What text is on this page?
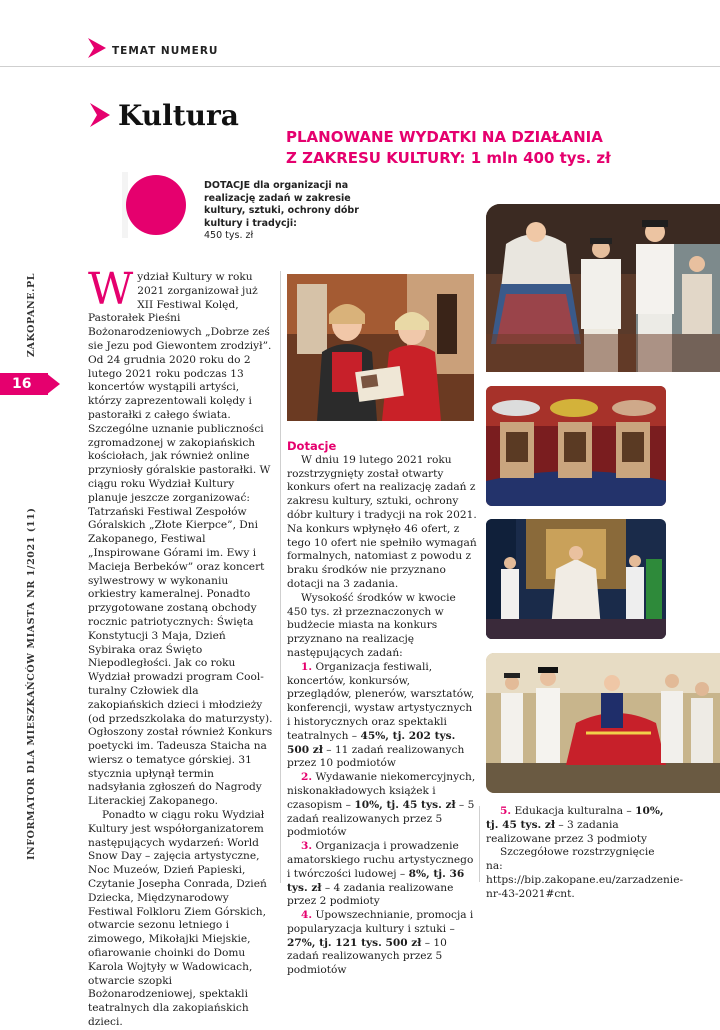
TEMAT NUMERU
ZAKOPANE.PL
INFORMATOR DLA MIESZKAŃCÓW MIASTA NR 1/2021 (11)
16
Kultura
PLANOWANE WYDATKI NA DZIAŁANIA
Z ZAKRESU KULTURY: 1 mln 400 tys. zł
DOTACJE dla organizacji na realizację zadań w zakresie kultury, sztuki, ochrony dóbr kultury i tradycji:
450 tys. zł

Wydział Kultury w roku 2021 zorganizował już XII Festiwal Kolęd, Pastorałek Pieśni Bożonarodzeniowych „Dobrze ześ sie Jezu pod Giewontem zrodziył”. Od 24 grudnia 2020 roku do 2 lutego 2021 roku podczas 13 koncertów wystąpili artyści, którzy zaprezentowali kolędy i pastorałki z całego świata. Szczególne uznanie publiczności zgromadzonej w zakopiańskich kościołach, jak również online przyniosły góralskie pastorałki. W ciągu roku Wydział Kultury planuje jeszcze zorganizować: Tatrzański Festiwal Zespołów Góralskich „Złote Kierpce”, Dni Zakopanego, Festiwal „Inspirowane Górami im. Ewy i Macieja Berbeków” oraz koncert sylwestrowy w wykonaniu orkiestry kameralnej. Ponadto przygotowane zostaną obchody rocznic patriotycznych: Święta Konstytucji 3 Maja, Dzień Sybiraka oraz Święto Niepodległości. Jak co roku Wydział prowadzi program Cool-turalny Człowiek dla zakopiańskich dzieci i młodzieży (od przedszkolaka do maturzysty). Ogłoszony został również Konkurs poetycki im. Tadeusza Staicha na wiersz o tematyce górskiej. 31 stycznia upłynął termin nadsyłania zgłoszeń do Nagrody Literackiej Zakopanego.

Ponadto w ciągu roku Wydział Kultury jest współorganizatorem następujących wydarzeń: World Snow Day – zajęcia artystyczne, Noc Muzeów, Dzień Papieski, Czytanie Josepha Conrada, Dzień Dziecka, Międzynarodowy Festiwal Folkloru Ziem Górskich, otwarcie sezonu letniego i zimowego, Mikołajki Miejskie, ofiarowanie choinki do Domu Karola Wojtyły w Wadowicach, otwarcie szopki Bożonarodzeniowej, spektakli teatralnych dla zakopiańskich dzieci.

Dotacje

W dniu 19 lutego 2021 roku rozstrzygnięty został otwarty konkurs ofert na realizację zadań z zakresu kultury, sztuki, ochrony dóbr kultury i tradycji na rok 2021. Na konkurs wpłynęło 46 ofert, z tego 10 ofert nie spełniło wymagań formalnych, natomiast z powodu z braku środków nie przyznano dotacji na 3 zadania.

Wysokość środków w kwocie 450 tys. zł przeznaczonych w budżecie miasta na konkurs przyznano na realizację następujących zadań:

1. Organizacja festiwali, koncertów, konkursów, przeglądów, plenerów, warsztatów, konferencji, wystaw artystycznych i historycznych oraz spektakli teatralnych – 45%, tj. 202 tys. 500 zł – 11 zadań realizowanych przez 10 podmiotów

2. Wydawanie niekomercyjnych, niskonakładowych książek i czasopism – 10%, tj. 45 tys. zł – 5 zadań realizowanych przez 5 podmiotów

3. Organizacja i prowadzenie amatorskiego ruchu artystycznego i twórczości ludowej – 8%, tj. 36 tys. zł – 4 zadania realizowane przez 2 podmioty

4. Upowszechnianie, promocja i popularyzacja kultury i sztuki – 27%, tj. 121 tys. 500 zł – 10 zadań realizowanych przez 5 podmiotów

5. Edukacja kulturalna – 10%, tj. 45 tys. zł – 3 zadania realizowane przez 3 podmioty

Szczegółowe rozstrzygnięcie na: https://bip.zakopane.eu/zarzadzenie-nr-43-2021#cnt.
